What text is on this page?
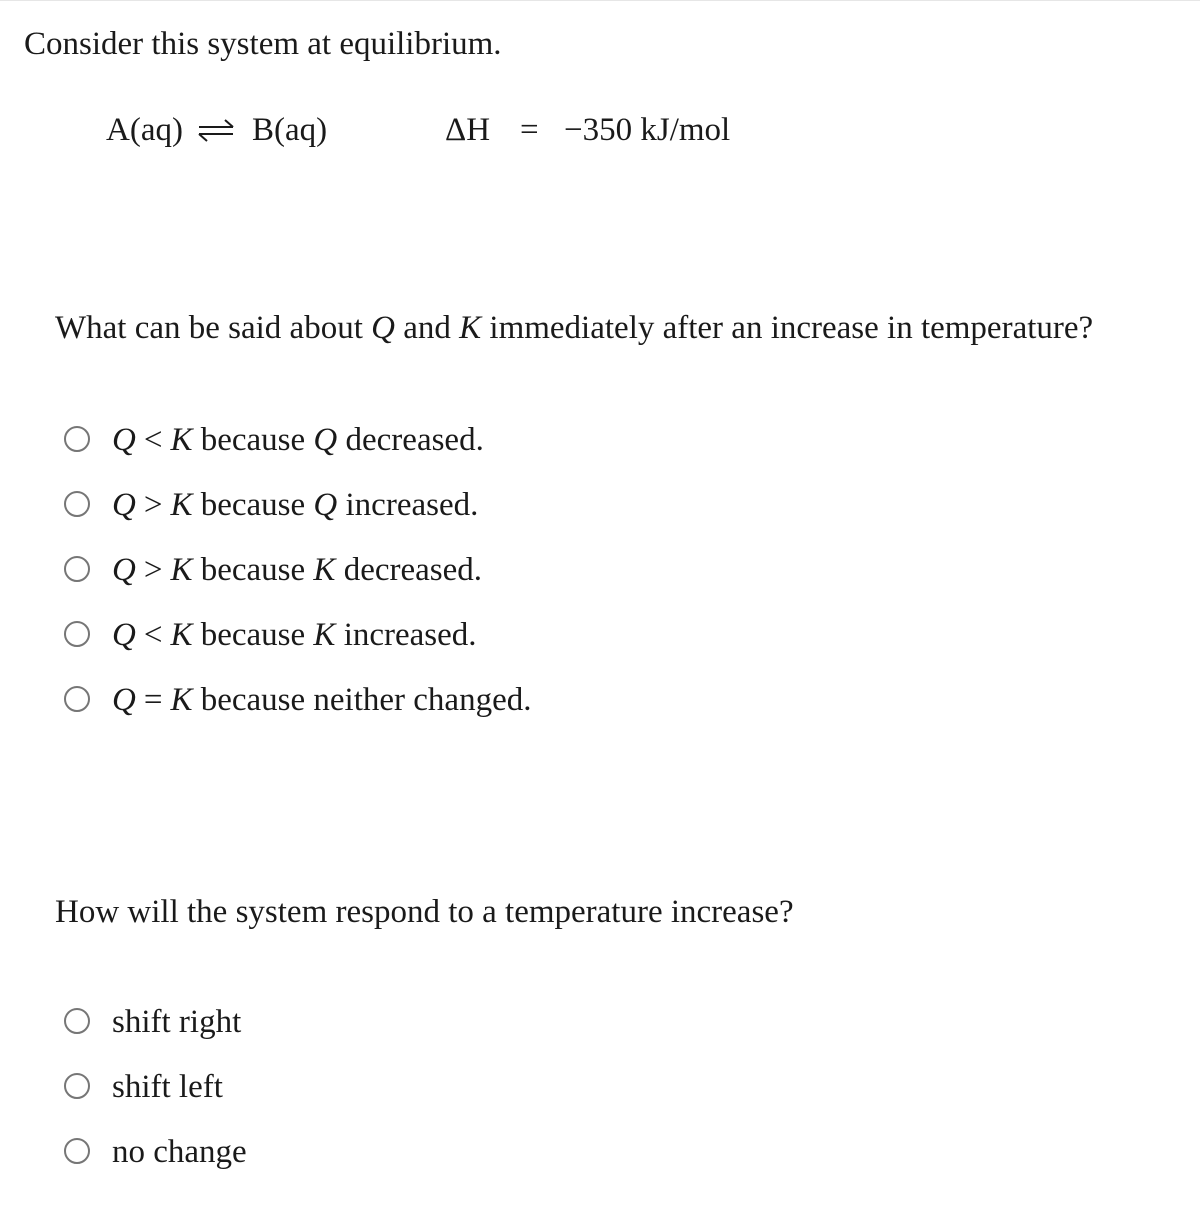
Consider this system at equilibrium.
A(aq) ⇌ B(aq)	ΔH = −350 kJ/mol
What can be said about Q and K immediately after an increase in temperature?
Q < K because Q decreased.
Q > K because Q increased.
Q > K because K decreased.
Q < K because K increased.
Q = K because neither changed.
How will the system respond to a temperature increase?
shift right
shift left
no change
